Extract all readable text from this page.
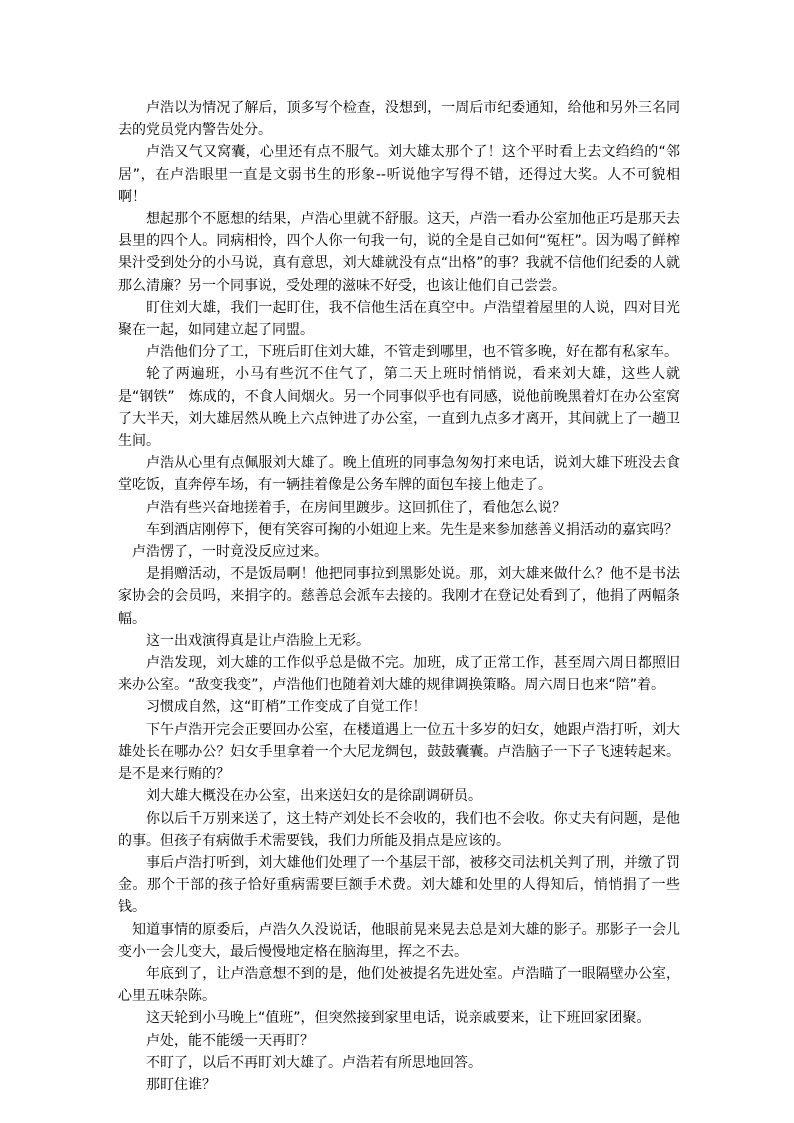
卢浩以为情况了解后，顶多写个检查，没想到，一周后市纪委通知，给他和另外三名同去的党员党内警告处分。

卢浩又气又窝囊，心里还有点不服气。刘大雄太那个了！这个平时看上去文绉绉的“邻居”，在卢浩眼里一直是文弱书生的形象--听说他字写得不错，还得过大奖。人不可貌相啊！

想起那个不愿想的结果，卢浩心里就不舒服。这天，卢浩一看办公室加他正巧是那天去县里的四个人。同病相怜，四个人你一句我一句，说的全是自己如何“冤枉”。因为喝了鲜榨果汁受到处分的小马说，真有意思，刘大雄就没有点“出格”的事？我就不信他们纪委的人就那么清廉？另一个同事说，受处理的滋味不好受，也该让他们自己尝尝。

盯住刘大雄，我们一起盯住，我不信他生活在真空中。卢浩望着屋里的人说，四对目光聚在一起，如同建立起了同盟。

卢浩他们分了工，下班后盯住刘大雄，不管走到哪里，也不管多晚，好在都有私家车。

轮了两遍班，小马有些沉不住气了，第二天上班时悄悄说，看来刘大雄，这些人就是“钢铁”　炼成的，不食人间烟火。另一个同事似乎也有同感，说他前晚黑着灯在办公室窝了大半天，刘大雄居然从晚上六点钟进了办公室，一直到九点多才离开，其间就上了一趟卫生间。

卢浩从心里有点佩服刘大雄了。晚上值班的同事急匆匆打来电话，说刘大雄下班没去食堂吃饭，直奔停车场，有一辆挂着像是公务车牌的面包车接上他走了。

卢浩有些兴奋地搓着手，在房间里踱步。这回抓住了，看他怎么说？

车到酒店刚停下，便有笑容可掬的小姐迎上来。先生是来参加慈善义捐活动的嘉宾吗？

卢浩愣了，一时竟没反应过来。

是捐赠活动，不是饭局啊！他把同事拉到黑影处说。那，刘大雄来做什么？他不是书法家协会的会员吗，来捐字的。慈善总会派车去接的。我刚才在登记处看到了，他捐了两幅条幅。

这一出戏演得真是让卢浩脸上无彩。

卢浩发现，刘大雄的工作似乎总是做不完。加班，成了正常工作，甚至周六周日都照旧来办公室。“敌变我变”，卢浩他们也随着刘大雄的规律调换策略。周六周日也来“陪”着。

习惯成自然，这“盯梢”工作变成了自觉工作！

下午卢浩开完会正要回办公室，在楼道遇上一位五十多岁的妇女，她跟卢浩打听，刘大雄处长在哪办公？妇女手里拿着一个大尼龙绸包，鼓鼓囊囊。卢浩脑子一下子飞速转起来。是不是来行贿的？

刘大雄大概没在办公室，出来送妇女的是徐副调研员。

你以后千万别来送了，这土特产刘处长不会收的，我们也不会收。你丈夫有问题，是他的事。但孩子有病做手术需要钱，我们力所能及捐点是应该的。

事后卢浩打听到，刘大雄他们处理了一个基层干部，被移交司法机关判了刑，并缴了罚金。那个干部的孩子恰好重病需要巨额手术费。刘大雄和处里的人得知后，悄悄捐了一些钱。

知道事情的原委后，卢浩久久没说话，他眼前晃来晃去总是刘大雄的影子。那影子一会儿变小一会儿变大，最后慢慢地定格在脑海里，挥之不去。

年底到了，让卢浩意想不到的是，他们处被提名先进处室。卢浩瞄了一眼隔壁办公室，心里五味杂陈。

这天轮到小马晚上“值班”，但突然接到家里电话，说亲戚要来，让下班回家团聚。

卢处，能不能缓一天再盯？

不盯了，以后不再盯刘大雄了。卢浩若有所思地回答。

那盯住谁？
